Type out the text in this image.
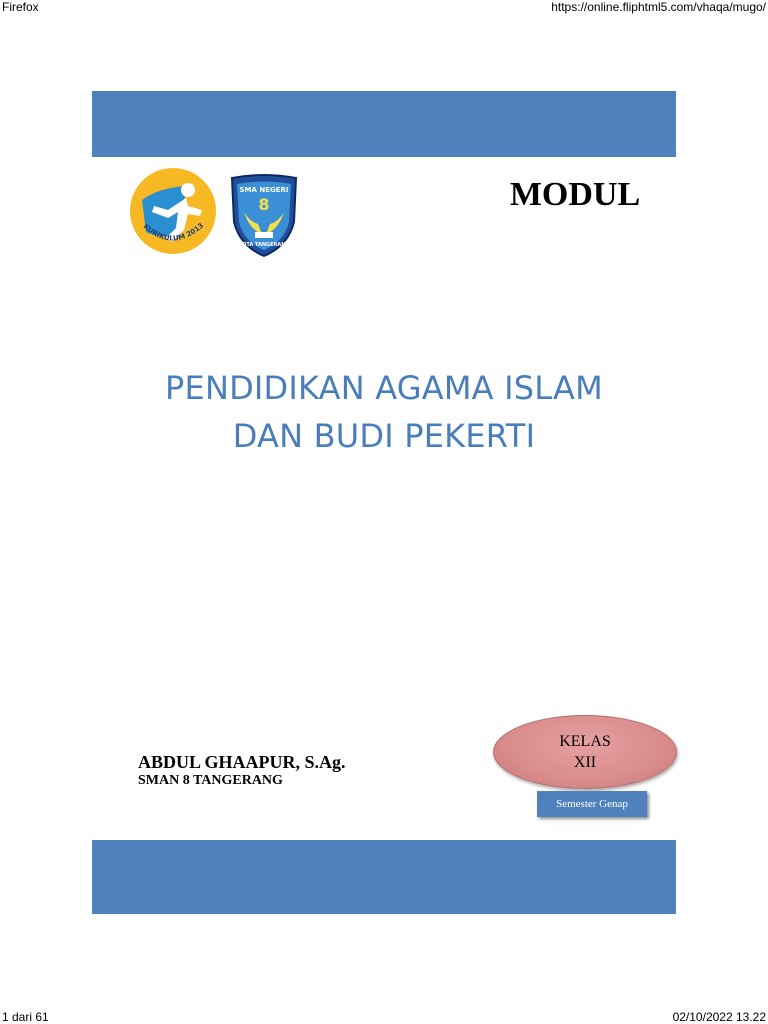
Firefox	https://online.fliphtml5.com/vhaqa/mugo/
KURIKULUM 2013
SMA NEGERI
8
KOTA TANGERANG
MODUL
PENDIDIKAN AGAMA ISLAM
DAN BUDI PEKERTI
ABDUL GHAAPUR, S.Ag.
SMAN 8 TANGERANG
KELAS
XII
Semester Genap
1 dari 61	02/10/2022 13.22
